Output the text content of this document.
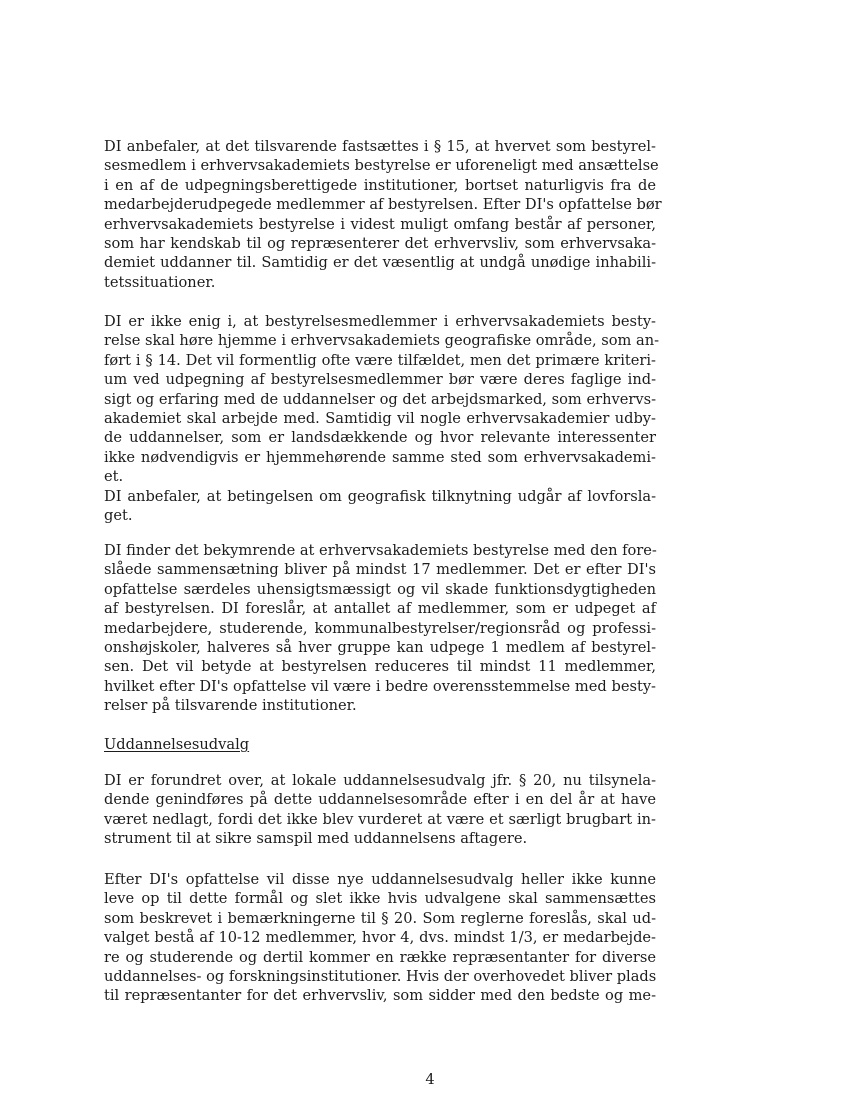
DI anbefaler, at det tilsvarende fastsættes i § 15, at hvervet som bestyrel-
sesmedlem i erhvervsakademiets bestyrelse er uforeneligt med ansættelse
i en af de udpegningsberettigede institutioner, bortset naturligvis fra de
medarbejderudpegede medlemmer af bestyrelsen. Efter DI's opfattelse bør
erhvervsakademiets bestyrelse i videst muligt omfang består af personer,
som har kendskab til og repræsenterer det erhvervsliv, som erhvervsaka-
demiet uddanner til. Samtidig er det væsentlig at undgå unødige inhabili-
tetssituationer.
DI er ikke enig i, at bestyrelsesmedlemmer i erhvervsakademiets besty-
relse skal høre hjemme i erhvervsakademiets geografiske område, som an-
ført i § 14. Det vil formentlig ofte være tilfældet, men det primære kriteri-
um ved udpegning af bestyrelsesmedlemmer bør være deres faglige ind-
sigt og erfaring med de uddannelser og det arbejdsmarked, som erhvervs-
akademiet skal arbejde med. Samtidig vil nogle erhvervsakademier udby-
de uddannelser, som er landsdækkende og hvor relevante interessenter
ikke nødvendigvis er hjemmehørende samme sted som erhvervsakademi-
et.
DI anbefaler, at betingelsen om geografisk tilknytning udgår af lovforsla-
get.
DI finder det bekymrende at erhvervsakademiets bestyrelse med den fore-
slåede sammensætning bliver på mindst 17 medlemmer. Det er efter DI's
opfattelse særdeles uhensigtsmæssigt og vil skade funktionsdygtigheden
af bestyrelsen. DI foreslår, at antallet af medlemmer, som er udpeget af
medarbejdere, studerende, kommunalbestyrelser/regionsråd og professi-
onshøjskoler, halveres så hver gruppe kan udpege 1 medlem af bestyrel-
sen. Det vil betyde at bestyrelsen reduceres til mindst 11 medlemmer,
hvilket efter DI's opfattelse vil være i bedre overensstemmelse med besty-
relser på tilsvarende institutioner.
Uddannelsesudvalg
DI er forundret over, at lokale uddannelsesudvalg jfr. § 20, nu tilsynela-
dende genindføres på dette uddannelsesområde efter i en del år at have
været nedlagt, fordi det ikke blev vurderet at være et særligt brugbart in-
strument til at sikre samspil med uddannelsens aftagere.
Efter DI's opfattelse vil disse nye uddannelsesudvalg heller ikke kunne
leve op til dette formål og slet ikke hvis udvalgene skal sammensættes
som beskrevet i bemærkningerne til § 20. Som reglerne foreslås, skal ud-
valget bestå af 10-12 medlemmer, hvor 4, dvs. mindst 1/3, er medarbejde-
re og studerende og dertil kommer en række repræsentanter for diverse
uddannelses- og forskningsinstitutioner. Hvis der overhovedet bliver plads
til repræsentanter for det erhvervsliv, som sidder med den bedste og me-
4
